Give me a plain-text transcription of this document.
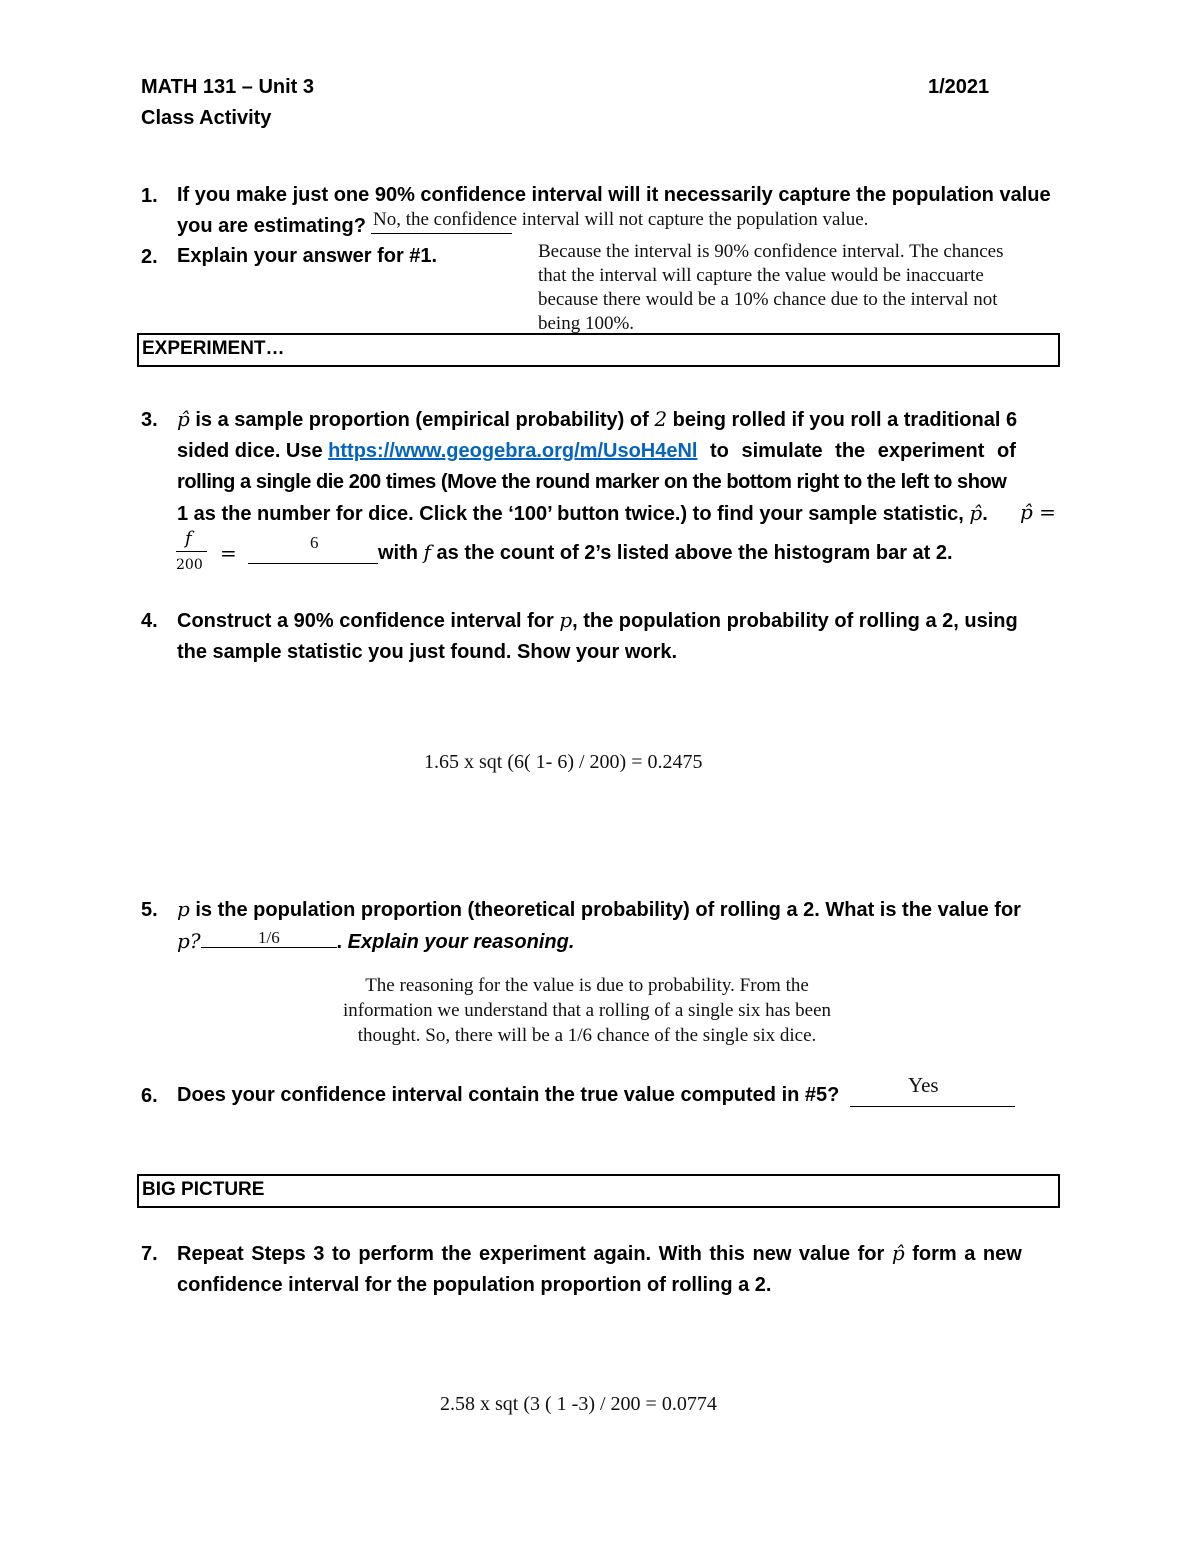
MATH 131 – Unit 3	1/2021
Class Activity
1. If you make just one 90% confidence interval will it necessarily capture the population value
you are estimating? No, the confidence interval will not capture the population value.
2. Explain your answer for #1.	Because the interval is 90% confidence interval. The chances
that the interval will capture the value would be inaccuarte
because there would be a 10% chance due to the interval not
being 100%.
EXPERIMENT…
3. p̂ is a sample proportion (empirical probability) of 2 being rolled if you roll a traditional 6
sided dice. Use https://www.geogebra.org/m/UsoH4eNl to simulate the experiment of
rolling a single die 200 times (Move the round marker on the bottom right to the left to show
1 as the number for dice. Click the ‘100’ button twice.) to find your sample statistic, p̂.	p̂ =
f
200 =	6	with f as the count of 2’s listed above the histogram bar at 2.
4. Construct a 90% confidence interval for p, the population probability of rolling a 2, using
the sample statistic you just found. Show your work.
1.65 x sqt (6( 1- 6) / 200) = 0.2475
5. p is the population proportion (theoretical probability) of rolling a 2. What is the value for
p?	. Explain your reasoning.
1/6
The reasoning for the value is due to probability. From the
information we understand that a rolling of a single six has been
thought. So, there will be a 1/6 chance of the single six dice.
6. Does your confidence interval contain the true value computed in #5?	Yes
BIG PICTURE
7. Repeat Steps 3 to perform the experiment again. With this new value for p̂ form a new
confidence interval for the population proportion of rolling a 2.
2.58 x sqt (3 ( 1 -3) / 200 = 0.0774
